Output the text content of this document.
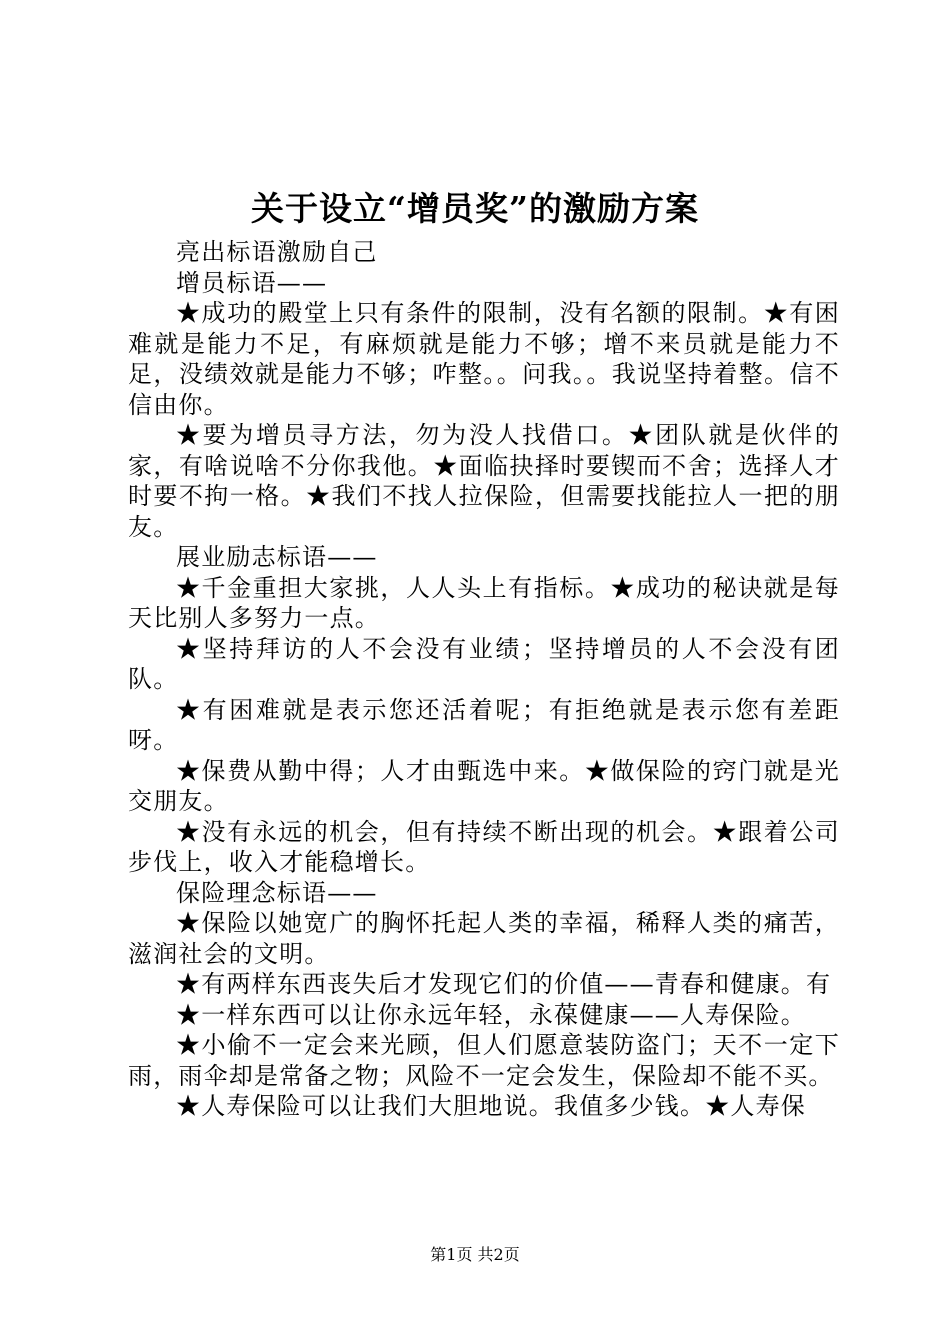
关于设立“增员奖”的激励方案

亮出标语激励自己

增员标语——

★成功的殿堂上只有条件的限制，没有名额的限制。★有困难就是能力不足，有麻烦就是能力不够；增不来员就是能力不足，没绩效就是能力不够；咋整。。问我。。我说坚持着整。信不信由你。

★要为增员寻方法，勿为没人找借口。★团队就是伙伴的家，有啥说啥不分你我他。★面临抉择时要锲而不舍；选择人才时要不拘一格。★我们不找人拉保险，但需要找能拉人一把的朋友。

展业励志标语——

★千金重担大家挑，人人头上有指标。★成功的秘诀就是每天比别人多努力一点。

★坚持拜访的人不会没有业绩；坚持增员的人不会没有团队。

★有困难就是表示您还活着呢；有拒绝就是表示您有差距呀。

★保费从勤中得；人才由甄选中来。★做保险的窍门就是光交朋友。

★没有永远的机会，但有持续不断出现的机会。★跟着公司步伐上，收入才能稳增长。

保险理念标语——

★保险以她宽广的胸怀托起人类的幸福，稀释人类的痛苦，滋润社会的文明。

★有两样东西丧失后才发现它们的价值——青春和健康。有

★一样东西可以让你永远年轻，永葆健康——人寿保险。

★小偷不一定会来光顾，但人们愿意装防盗门；天不一定下雨，雨伞却是常备之物；风险不一定会发生，保险却不能不买。

★人寿保险可以让我们大胆地说。我值多少钱。★人寿保

第1页 共2页
